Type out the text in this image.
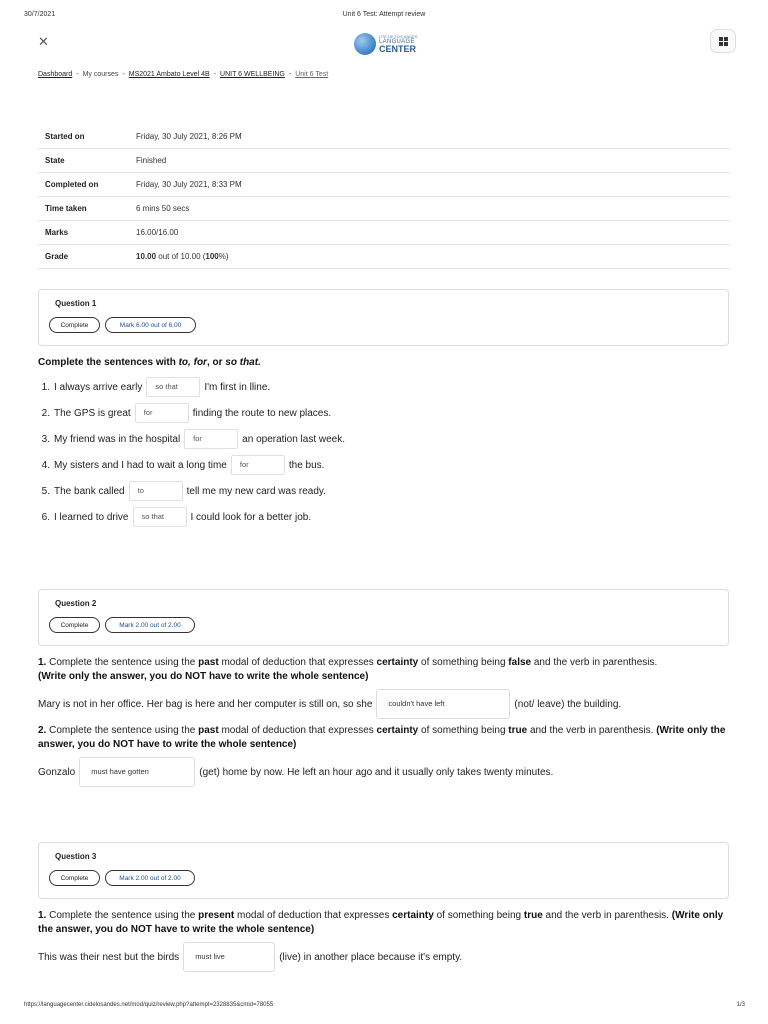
30/7/2021	Unit 6 Test: Attempt review
✕	UTE DE LOS ANDES
LANGUAGE
CENTER
Dashboard - My courses - MS2021 Ambato Level 4B - UNIT 6 WELLBEING - Unit 6 Test
Started on	Friday, 30 July 2021, 8:26 PM
State	Finished
Completed on	Friday, 30 July 2021, 8:33 PM
Time taken	6 mins 50 secs
Marks	16.00/16.00
Grade	10.00 out of 10.00 (100%)
Question 1
Complete	Mark 6.00 out of 6.00
Complete the sentences with to, for, or so that.
1. I always arrive early	so that	I'm first in lline.
2. The GPS is great	for	finding the route to new places.
3. My friend was in the hospital	for	an operation last week.
4. My sisters and I had to wait a long time	for	the bus.
5. The bank called	to	tell me my new card was ready.
6. I learned to drive	so that	I could look for a better job.
Question 2
Complete	Mark 2.00 out of 2.00
1. Complete the sentence using the past modal of deduction that expresses certainty of something being false and the verb in parenthesis.
(Write only the answer, you do NOT have to write the whole sentence)
Mary is not in her office. Her bag is here and her computer is still on, so she	couldn't have left	(not/ leave) the building.
2. Complete the sentence using the past modal of deduction that expresses certainty of something being true and the verb in parenthesis. (Write only the answer, you do NOT have to write the whole sentence)
Gonzalo	must have gotten	(get) home by now. He left an hour ago and it usually only takes twenty minutes.
Question 3
Complete	Mark 2.00 out of 2.00
1. Complete the sentence using the present modal of deduction that expresses certainty of something being true and the verb in parenthesis. (Write only the answer, you do NOT have to write the whole sentence)
This was their nest but the birds	must live	(live) in another place because it's empty.
https://languagecenter.cidelosandes.net/mod/quiz/review.php?attempt=2328835&cmid=78055	1/3
